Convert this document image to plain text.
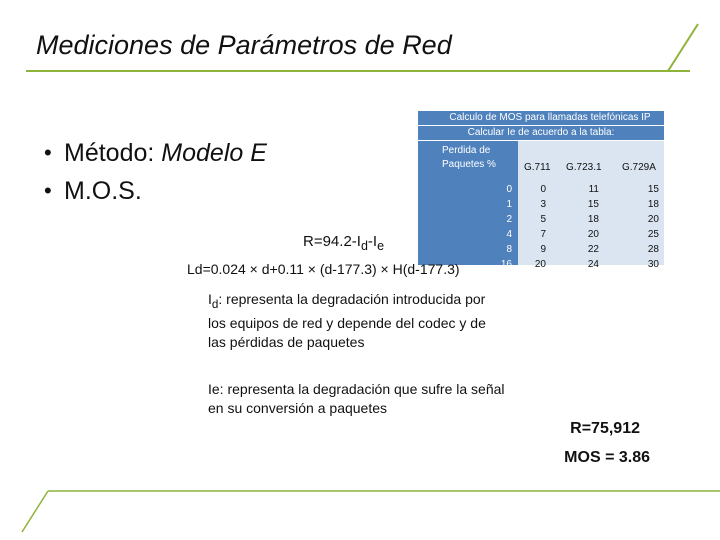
Mediciones de Parámetros de Red
• Método:
Modelo E
• M.O.S.
Calculo de MOS para llamadas telefónicas IP
Calcular Ie de acuerdo a la tabla:
Perdida de
Paquetes %	G.711 G.723.1 G.729A
0	0	11	15
1	3	15	18
2	5	18	20
4	7	20	25
8	9	22	28
16	20	24	30
$R=94.2-I_d-I_e$
Ld=0.024 × d+0.11 × (d-177.3) × H(d-177.3)
$I_d$: representa la degradación introducida por
los equipos de red y depende del codec y de
las pérdidas de paquetes
Ie: representa la degradación que sufre la señal
en su conversión a paquetes
R=75,912
MOS = 3.86
